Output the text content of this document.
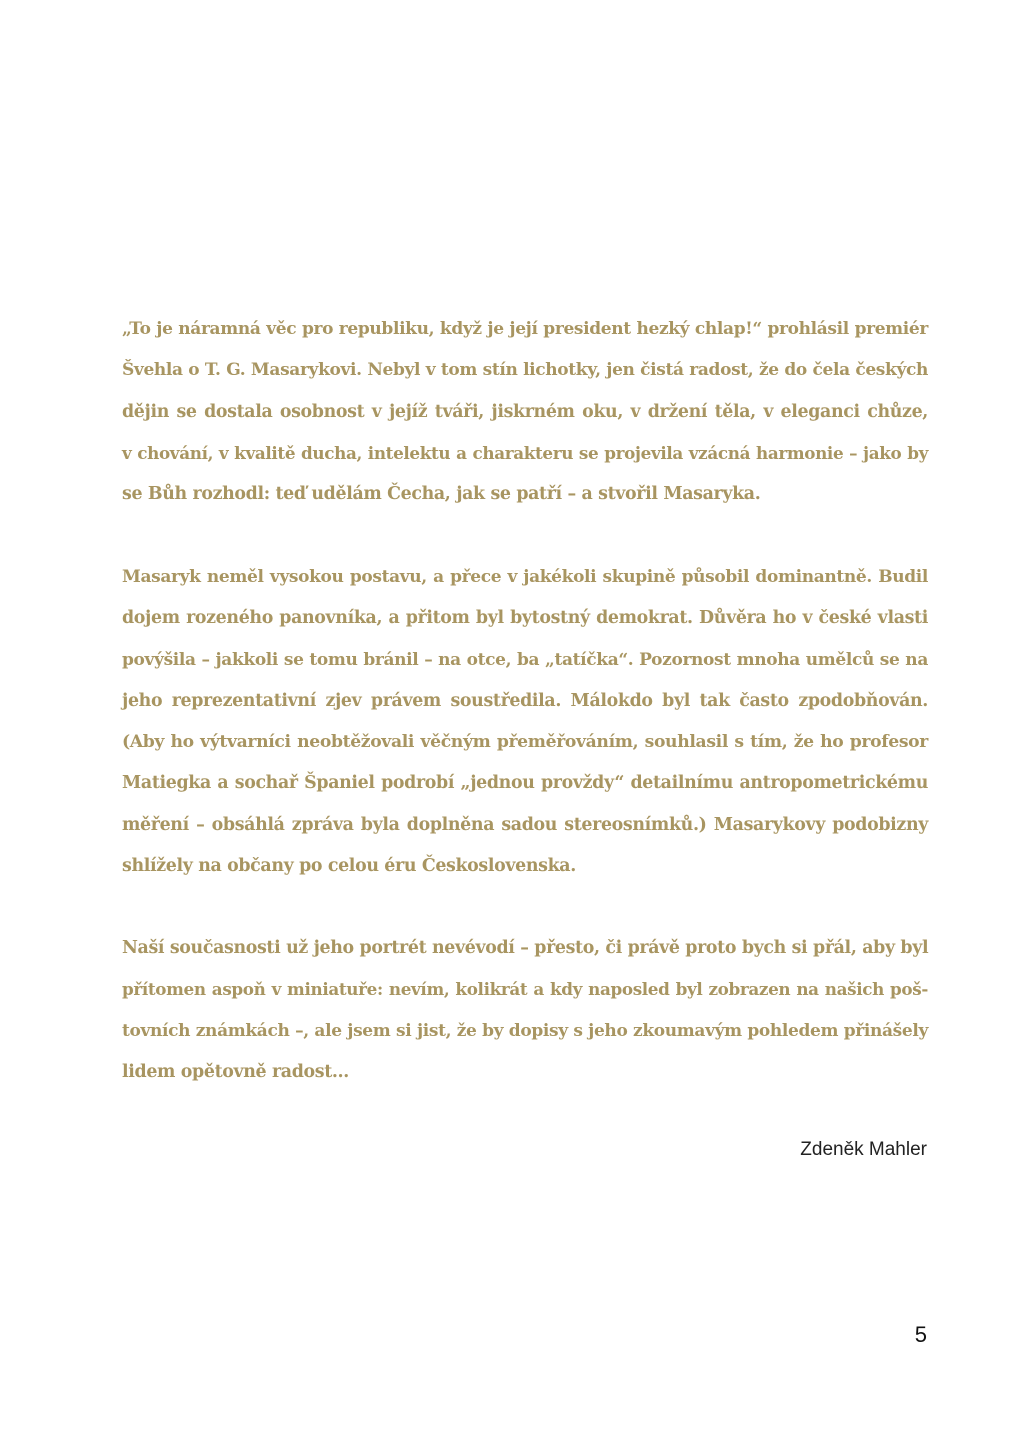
„To je náramná věc pro republiku, když je její president hezký chlap!“ prohlásil premiér
Švehla o T. G. Masarykovi. Nebyl v tom stín lichotky, jen čistá radost, že do čela českých
dějin se dostala osobnost v jejíž tváři, jiskrném oku, v držení těla, v eleganci chůze,
v chování, v kvalitě ducha, intelektu a charakteru se projevila vzácná harmonie – jako by
se Bůh rozhodl: teď udělám Čecha, jak se patří – a stvořil Masaryka.
Masaryk neměl vysokou postavu, a přece v jakékoli skupině působil dominantně. Budil
dojem rozeného panovníka, a přitom byl bytostný demokrat. Důvěra ho v české vlasti
povýšila – jakkoli se tomu bránil – na otce, ba „tatíčka“. Pozornost mnoha umělců se na
jeho reprezentativní zjev právem soustředila. Málokdo byl tak často zpodobňován.
(Aby ho výtvarníci neobtěžovali věčným přeměřováním, souhlasil s tím, že ho profesor
Matiegka a sochař Španiel podrobí „jednou provždy“ detailnímu antropometrickému
měření – obsáhlá zpráva byla doplněna sadou stereosnímků.) Masarykovy podobizny
shlížely na občany po celou éru Československa.
Naší současnosti už jeho portrét nevévodí – přesto, či právě proto bych si přál, aby byl
přítomen aspoň v miniatuře: nevím, kolikrát a kdy naposled byl zobrazen na našich poš-
tovních známkách –, ale jsem si jist, že by dopisy s jeho zkoumavým pohledem přinášely
lidem opětovně radost…
Zdeněk Mahler
5
